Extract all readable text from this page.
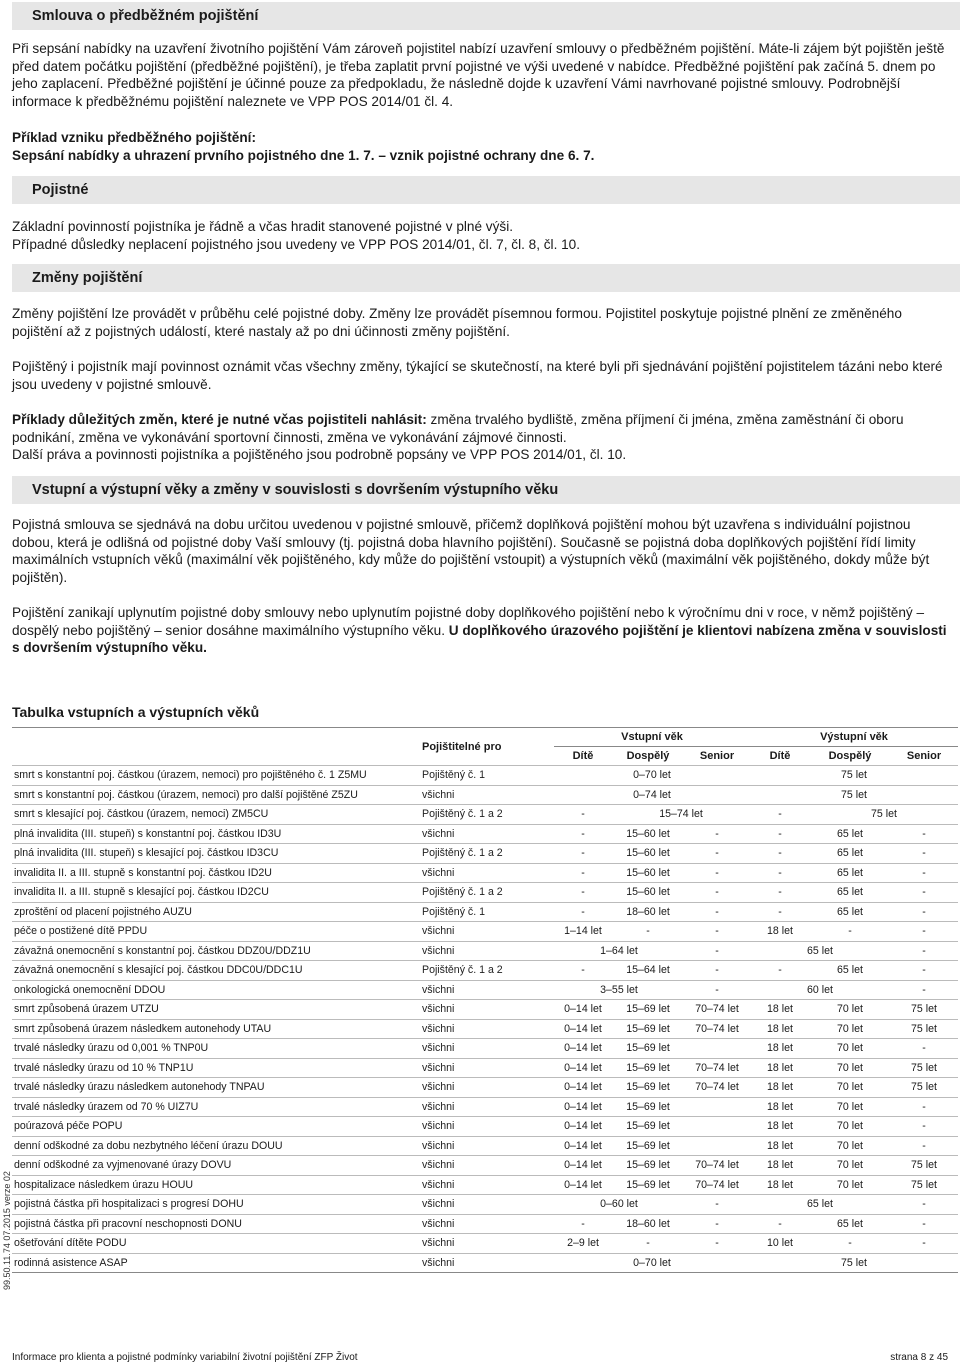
Smlouva o předběžném pojištění

Při sepsání nabídky na uzavření životního pojištění Vám zároveň pojistitel nabízí uzavření smlouvy o předběžném pojištění. Máte-li zájem být pojištěn ještě před datem počátku pojištění (předběžné pojištění), je třeba zaplatit první pojistné ve výši uvedené v nabídce. Předběžné pojištění pak začíná 5. dnem po jeho zaplacení. Předběžné pojištění je účinné pouze za předpokladu, že následně dojde k uzavření Vámi navrhované pojistné smlouvy. Podrobnější informace k předběžnému pojištění naleznete ve VPP POS 2014/01 čl. 4.

Příklad vzniku předběžného pojištění:

Sepsání nabídky a uhrazení prvního pojistného dne 1. 7. – vznik pojistné ochrany dne 6. 7.

Pojistné

Základní povinností pojistníka je řádně a včas hradit stanovené pojistné v plné výši.

Případné důsledky neplacení pojistného jsou uvedeny ve VPP POS 2014/01, čl. 7, čl. 8, čl. 10.

Změny pojištění

Změny pojištění lze provádět v průběhu celé pojistné doby. Změny lze provádět písemnou formou. Pojistitel poskytuje pojistné plnění ze změněného pojištění až z pojistných událostí, které nastaly až po dni účinnosti změny pojištění.

Pojištěný i pojistník mají povinnost oznámit včas všechny změny, týkající se skutečností, na které byli při sjednávání pojištění pojistitelem tázáni nebo které jsou uvedeny v pojistné smlouvě.

Příklady důležitých změn, které je nutné včas pojistiteli nahlásit: změna trvalého bydliště, změna příjmení či jména, změna zaměstnání či oboru podnikání, změna ve vykonávání sportovní činnosti, změna ve vykonávání zájmové činnosti.

Další práva a povinnosti pojistníka a pojištěného jsou podrobně popsány ve VPP POS 2014/01, čl. 10.

Vstupní a výstupní věky a změny v souvislosti s dovršením výstupního věku

Pojistná smlouva se sjednává na dobu určitou uvedenou v pojistné smlouvě, přičemž doplňková pojištění mohou být uzavřena s individuální pojistnou dobou, která je odlišná od pojistné doby Vaší smlouvy (tj. pojistná doba hlavního pojištění). Současně se pojistná doba doplňkových pojištění řídí limity maximálních vstupních věků (maximální věk pojištěného, kdy může do pojištění vstoupit) a výstupních věků (maximální věk pojištěného, dokdy může být pojištěn).

Pojištění zanikají uplynutím pojistné doby smlouvy nebo uplynutím pojistné doby doplňkového pojištění nebo k výročnímu dni v roce, v němž pojištěný – dospělý nebo pojištěný – senior dosáhne maximálního výstupního věku. U doplňkového úrazového pojištění je klientovi nabízena změna v souvislosti s dovršením výstupního věku.

Tabulka vstupních a výstupních věků
	Pojištitelné pro	Vstupní věk			Výstupní věk		
		Dítě	Dospělý	Senior	Dítě	Dospělý	Senior
smrt s konstantní poj. částkou (úrazem, nemoci) pro pojištěného č. 1 Z5MU	Pojištěný č. 1	0–70 let			75 let		
smrt s konstantní poj. částkou (úrazem, nemoci) pro další pojištěné Z5ZU	všichni	0–74 let			75 let		
smrt s klesající poj. částkou (úrazem, nemoci) ZM5CU	Pojištěný č. 1 a 2	-	15–74 let		-	75 let	
plná invalidita (III. stupeň) s konstantní poj. částkou ID3U	všichni	-	15–60 let	-	-	65 let	-
plná invalidita (III. stupeň) s klesající poj. částkou ID3CU	Pojištěný č. 1 a 2	-	15–60 let	-	-	65 let	-
invalidita II. a III. stupně s konstantní poj. částkou ID2U	všichni	-	15–60 let	-	-	65 let	-
invalidita II. a III. stupně s klesající poj. částkou ID2CU	Pojištěný č. 1 a 2	-	15–60 let	-	-	65 let	-
zproštění od placení pojistného AUZU	Pojištěný č. 1	-	18–60 let	-	-	65 let	-
péče o postižené dítě PPDU	všichni	1–14 let	-	-	18 let	-	-
závažná onemocnění s konstantní poj. částkou DDZ0U/DDZ1U	všichni	1–64 let		-	65 let		-
závažná onemocnění s klesající poj. částkou DDC0U/DDC1U	Pojištěný č. 1 a 2	-	15–64 let	-	-	65 let	-
onkologická onemocnění DDOU	všichni	3–55 let		-	60 let		-
smrt způsobená úrazem UTZU	všichni	0–14 let	15–69 let	70–74 let	18 let	70 let	75 let
smrt způsobená úrazem následkem autonehody UTAU	všichni	0–14 let	15–69 let	70–74 let	18 let	70 let	75 let
trvalé následky úrazu od 0,001 % TNP0U	všichni	0–14 let	15–69 let		18 let	70 let	-
trvalé následky úrazu od 10 % TNP1U	všichni	0–14 let	15–69 let	70–74 let	18 let	70 let	75 let
trvalé následky úrazu následkem autonehody TNPAU	všichni	0–14 let	15–69 let	70–74 let	18 let	70 let	75 let
trvalé následky úrazem od 70 % UIZ7U	všichni	0–14 let	15–69 let		18 let	70 let	-
poúrazová péče POPU	všichni	0–14 let	15–69 let		18 let	70 let	-
denní odškodné za dobu nezbytného léčení úrazu DOUU	všichni	0–14 let	15–69 let		18 let	70 let	-
denní odškodné za vyjmenované úrazy DOVU	všichni	0–14 let	15–69 let	70–74 let	18 let	70 let	75 let
hospitalizace následkem úrazu HOUU	všichni	0–14 let	15–69 let	70–74 let	18 let	70 let	75 let
pojistná částka při hospitalizaci s progresí DOHU	všichni	0–60 let		-	65 let		-
pojistná částka při pracovní neschopnosti DONU	všichni	-	18–60 let	-	-	65 let	-
ošetřování dítěte PODU	všichni	2–9 let	-	-	10 let	-	-
rodinná asistence ASAP	všichni	0–70 let			75 let		
99.50.11.74 07.2015 verze 02
Informace pro klienta a pojistné podmínky variabilní životní pojištění ZFP Život	strana 8 z 45
